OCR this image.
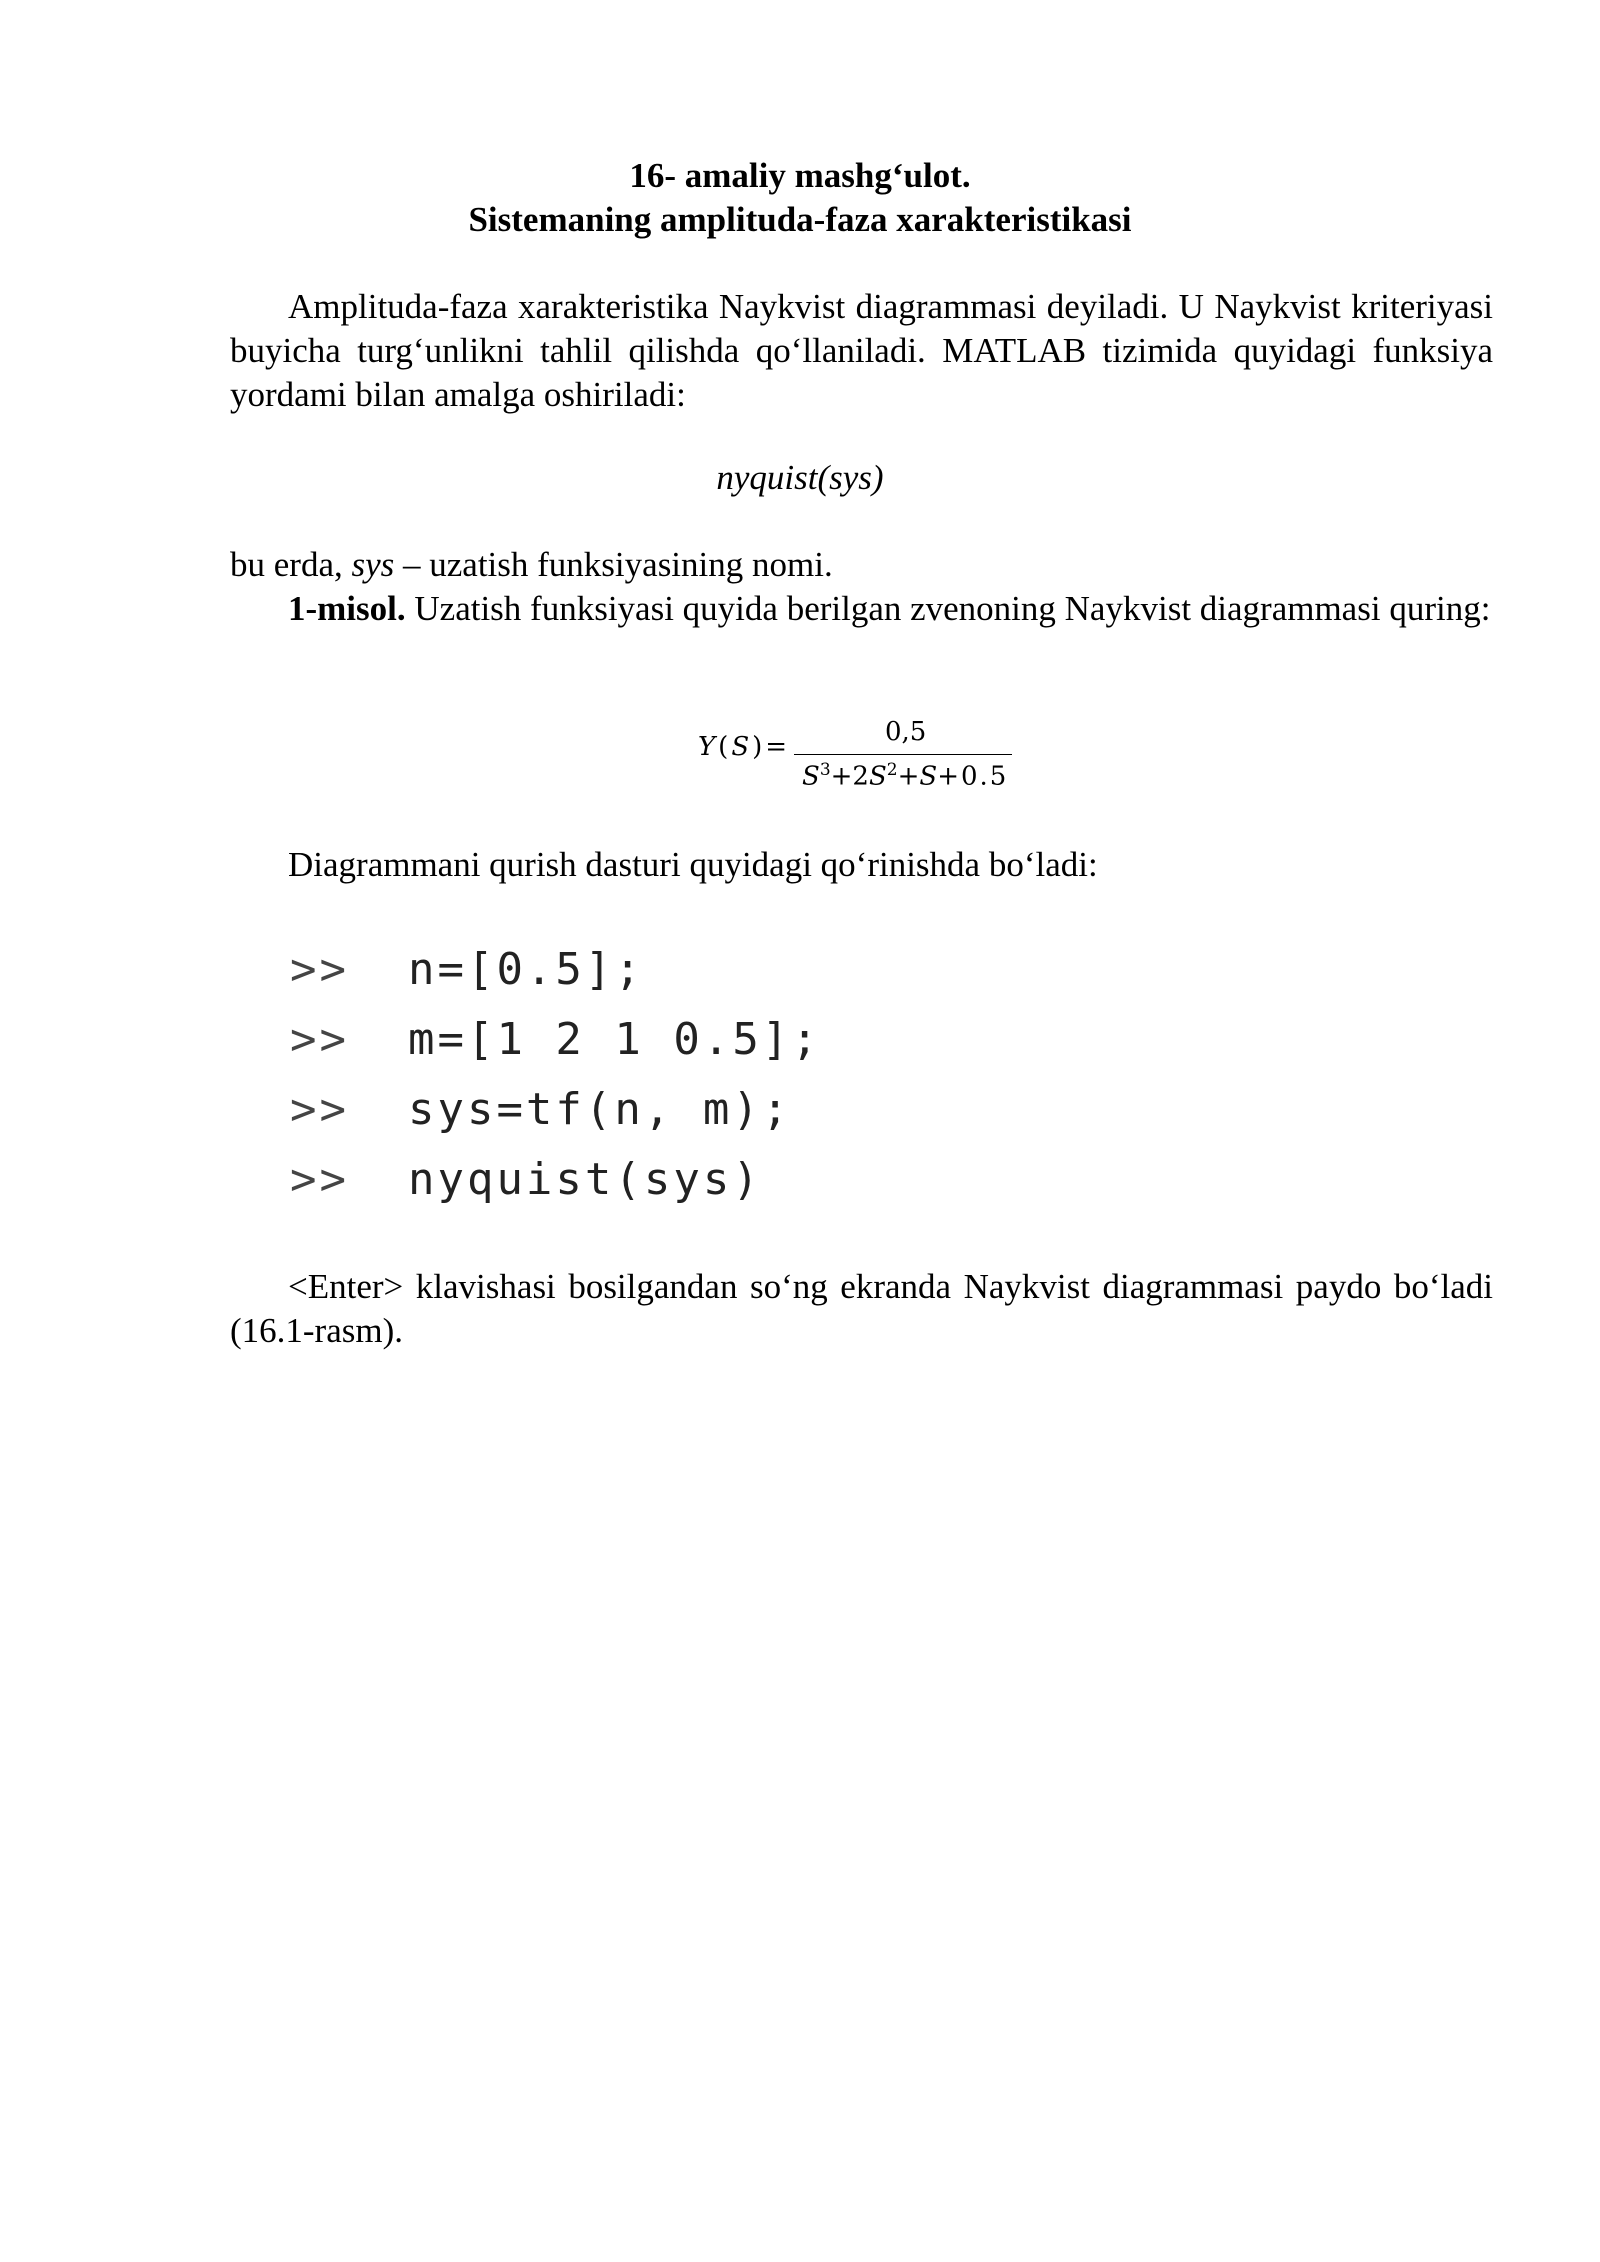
16- amaliy mashg‘ulot.
Sistemaning amplituda-faza xarakteristikasi

Amplituda-faza xarakteristika Naykvist diagrammasi deyiladi. U Naykvist kriteriyasi buyicha turg‘unlikni tahlil qilishda qo‘llaniladi. MATLAB tizimida quyidagi funksiya yordami bilan amalga oshiriladi:

nyquist(sys)

bu erda, sys – uzatish funksiyasining nomi.

1-misol. Uzatish funksiyasi quyida berilgan zvenoning Naykvist diagrammasi quring:

Y ( S ) =	0,5
$S^3+2S^2+S+0.5$

Diagrammani qurish dasturi quyidagi qo‘rinishda bo‘ladi:

>> n=[0.5];
>> m=[1 2 1 0.5];
>> sys=tf(n, m);
>> nyquist(sys)

<Enter> klavishasi bosilgandan so‘ng ekranda Naykvist diagrammasi paydo bo‘ladi (16.1-rasm).
